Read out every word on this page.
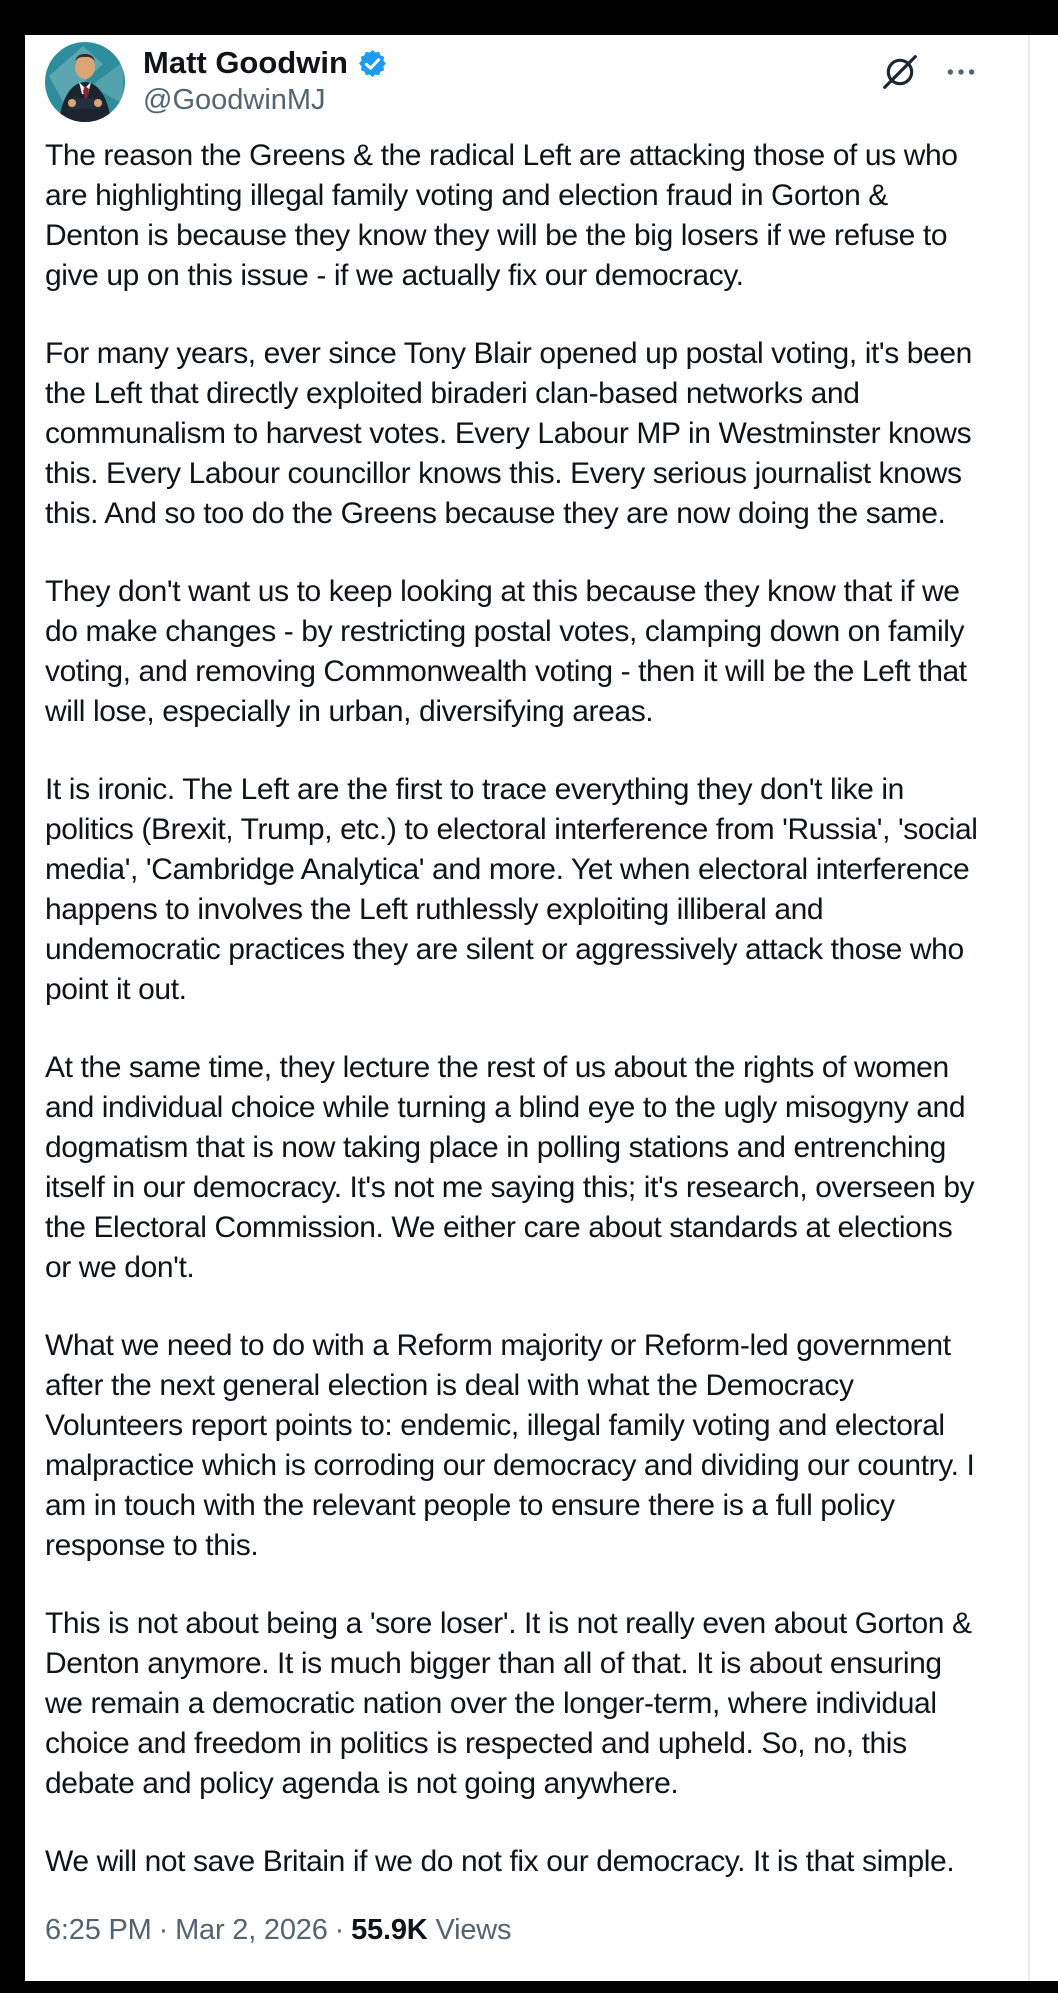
Matt Goodwin
@GoodwinMJ

The reason the Greens & the radical Left are attacking those of us who are highlighting illegal family voting and election fraud in Gorton & Denton is because they know they will be the big losers if we refuse to give up on this issue - if we actually fix our democracy.

For many years, ever since Tony Blair opened up postal voting, it's been the Left that directly exploited biraderi clan-based networks and communalism to harvest votes. Every Labour MP in Westminster knows this. Every Labour councillor knows this. Every serious journalist knows this. And so too do the Greens because they are now doing the same.

They don't want us to keep looking at this because they know that if we do make changes - by restricting postal votes, clamping down on family voting, and removing Commonwealth voting - then it will be the Left that will lose, especially in urban, diversifying areas.

It is ironic. The Left are the first to trace everything they don't like in politics (Brexit, Trump, etc.) to electoral interference from 'Russia', 'social media', 'Cambridge Analytica' and more. Yet when electoral interference happens to involves the Left ruthlessly exploiting illiberal and undemocratic practices they are silent or aggressively attack those who point it out.

At the same time, they lecture the rest of us about the rights of women and individual choice while turning a blind eye to the ugly misogyny and dogmatism that is now taking place in polling stations and entrenching itself in our democracy. It's not me saying this; it's research, overseen by the Electoral Commission. We either care about standards at elections or we don't.

What we need to do with a Reform majority or Reform-led government after the next general election is deal with what the Democracy Volunteers report points to: endemic, illegal family voting and electoral malpractice which is corroding our democracy and dividing our country. I am in touch with the relevant people to ensure there is a full policy response to this.

This is not about being a 'sore loser'. It is not really even about Gorton & Denton anymore. It is much bigger than all of that. It is about ensuring we remain a democratic nation over the longer-term, where individual choice and freedom in politics is respected and upheld. So, no, this debate and policy agenda is not going anywhere.

We will not save Britain if we do not fix our democracy. It is that simple.

6:25 PM · Mar 2, 2026 · 55.9K Views
